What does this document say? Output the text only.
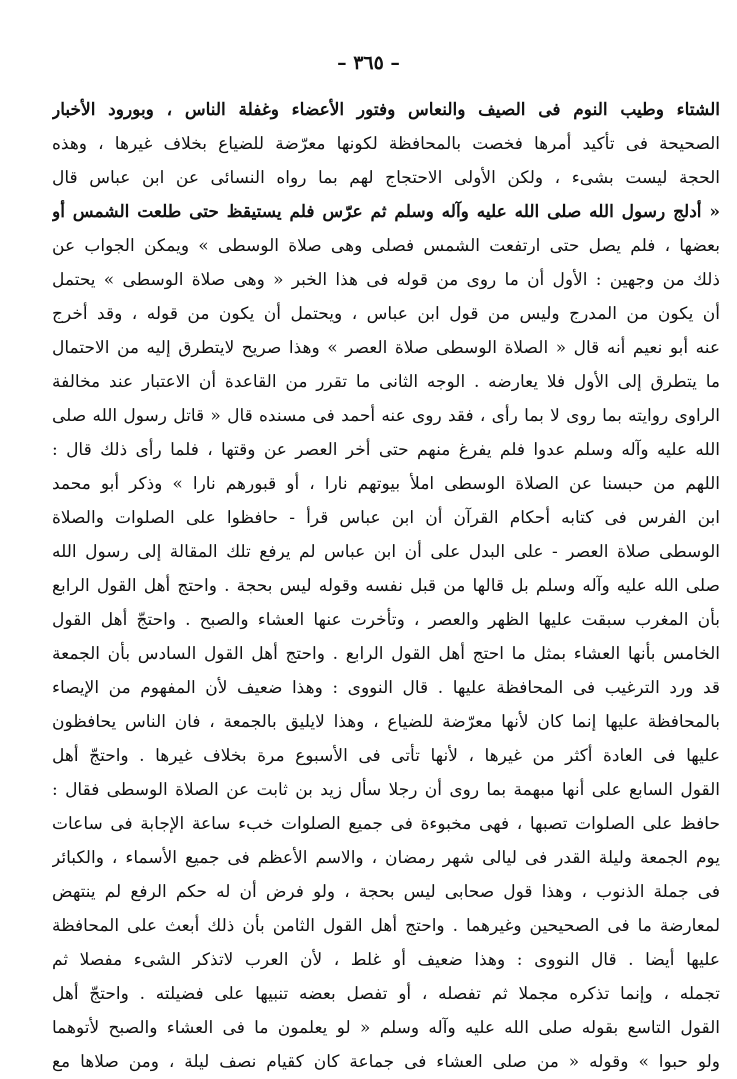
– ٣٦٥ –
الشتاء وطيب النوم فى الصيف والنعاس وفتور الأعضاء وغفلة الناس ، وبورود الأخبار
الصحيحة فى تأكيد أمرها فخصت بالمحافظة لكونها معرّضة للضياع بخلاف غيرها ، وهذه
الحجة ليست بشىء ، ولكن الأولى الاحتجاج لهم بما رواه النسائى عن ابن عباس قال
« أدلج رسول الله صلى الله عليه وآله وسلم ثم عرّس فلم يستيقظ حتى طلعت الشمس أو
بعضها ، فلم يصل حتى ارتفعت الشمس فصلى وهى صلاة الوسطى » ويمكن الجواب عن
ذلك من وجهين : الأول أن ما روى من قوله فى هذا الخبر « وهى صلاة الوسطى » يحتمل
أن يكون من المدرج وليس من قول ابن عباس ، ويحتمل أن يكون من قوله ، وقد أخرج
عنه أبو نعيم أنه قال « الصلاة الوسطى صلاة العصر » وهذا صريح لايتطرق إليه من الاحتمال
ما يتطرق إلى الأول فلا يعارضه . الوجه الثانى ما تقرر من القاعدة أن الاعتبار عند مخالفة
الراوى روايته بما روى لا بما رأى ، فقد روى عنه أحمد فى مسنده قال « قاتل رسول الله صلى
الله عليه وآله وسلم عدوا فلم يفرغ منهم حتى أخر العصر عن وقتها ، فلما رأى ذلك قال :
اللهم من حبسنا عن الصلاة الوسطى املأ بيوتهم نارا ، أو قبورهم نارا » وذكر أبو محمد
ابن الفرس فى كتابه أحكام القرآن أن ابن عباس قرأ - حافظوا على الصلوات والصلاة
الوسطى صلاة العصر - على البدل على أن ابن عباس لم يرفع تلك المقالة إلى رسول الله
صلى الله عليه وآله وسلم بل قالها من قبل نفسه وقوله ليس بحجة . واحتج أهل القول الرابع
بأن المغرب سبقت عليها الظهر والعصر ، وتأخرت عنها العشاء والصبح . واحتجّ أهل القول
الخامس بأنها العشاء بمثل ما احتج أهل القول الرابع . واحتج أهل القول السادس بأن الجمعة
قد ورد الترغيب فى المحافظة عليها . قال النووى : وهذا ضعيف لأن المفهوم من الإيصاء
بالمحافظة عليها إنما كان لأنها معرّضة للضياع ، وهذا لايليق بالجمعة ، فان الناس يحافظون
عليها فى العادة أكثر من غيرها ، لأنها تأتى فى الأسبوع مرة بخلاف غيرها . واحتجّ أهل
القول السابع على أنها مبهمة بما روى أن رجلا سأل زيد بن ثابت عن الصلاة الوسطى فقال :
حافظ على الصلوات تصبها ، فهى مخبوءة فى جميع الصلوات خبء ساعة الإجابة فى ساعات
يوم الجمعة وليلة القدر فى ليالى شهر رمضان ، والاسم الأعظم فى جميع الأسماء ، والكبائر
فى جملة الذنوب ، وهذا قول صحابى ليس بحجة ، ولو فرض أن له حكم الرفع لم ينتهض
لمعارضة ما فى الصحيحين وغيرهما . واحتج أهل القول الثامن بأن ذلك أبعث على المحافظة
عليها أيضا . قال النووى : وهذا ضعيف أو غلط ، لأن العرب لاتذكر الشىء مفصلا ثم
تجمله ، وإنما تذكره مجملا ثم تفصله ، أو تفصل بعضه تنبيها على فضيلته . واحتجّ أهل
القول التاسع بقوله صلى الله عليه وآله وسلم « لو يعلمون ما فى العشاء والصبح لأتوهما
ولو حبوا » وقوله « من صلى العشاء فى جماعة كان كقيام نصف ليلة ، ومن صلاها مع
